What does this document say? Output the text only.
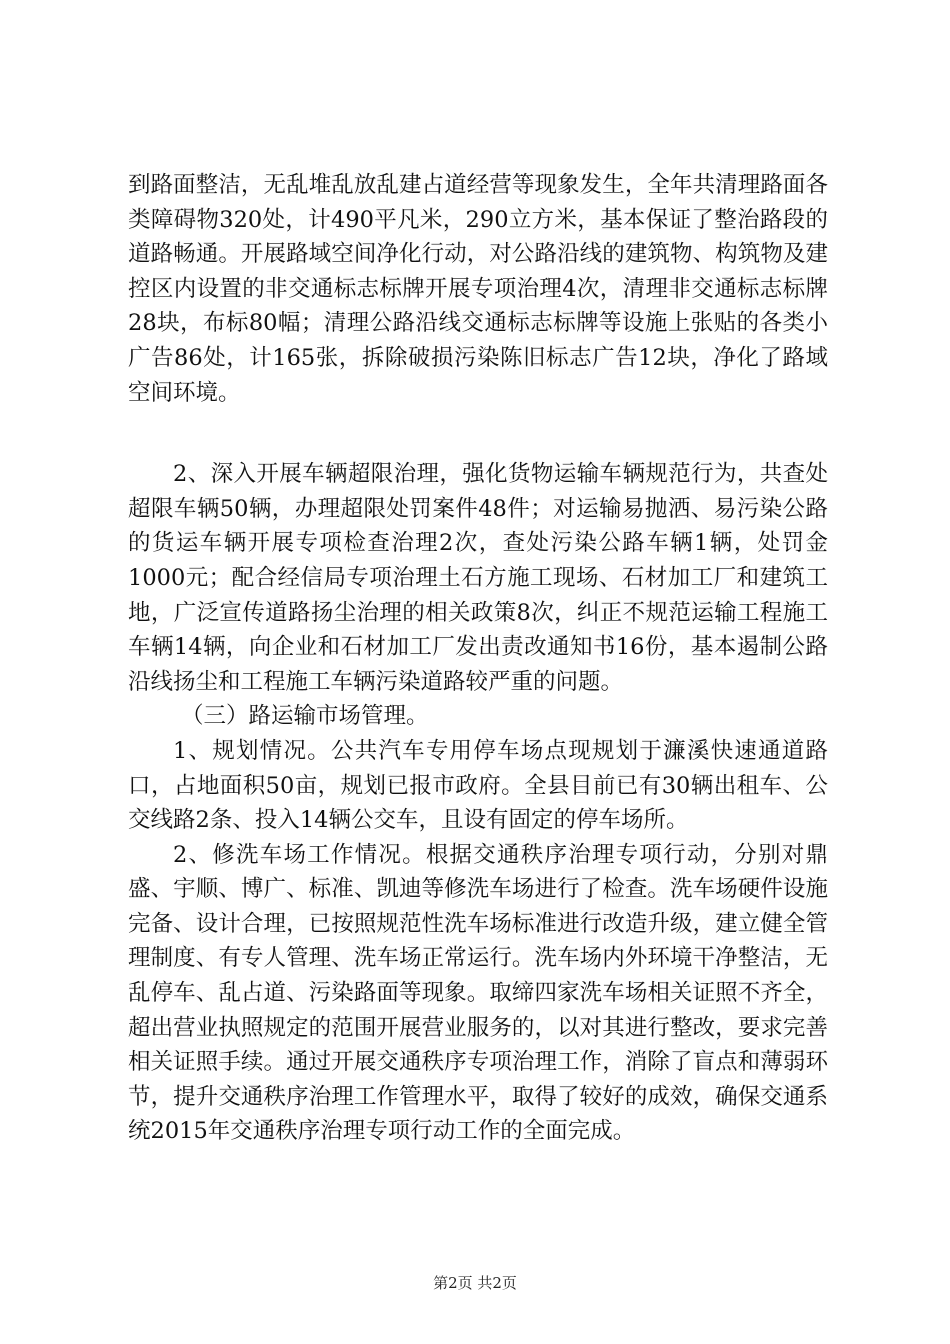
到路面整洁，无乱堆乱放乱建占道经营等现象发生，全年共清理路面各类障碍物320处，计490平凡米，290立方米，基本保证了整治路段的道路畅通。开展路域空间净化行动，对公路沿线的建筑物、构筑物及建控区内设置的非交通标志标牌开展专项治理4次，清理非交通标志标牌28块，布标80幅；清理公路沿线交通标志标牌等设施上张贴的各类小广告86处，计165张，拆除破损污染陈旧标志广告12块，净化了路域空间环境。

2、深入开展车辆超限治理，强化货物运输车辆规范行为，共查处超限车辆50辆，办理超限处罚案件48件；对运输易抛洒、易污染公路的货运车辆开展专项检查治理2次，查处污染公路车辆1辆，处罚金1000元；配合经信局专项治理土石方施工现场、石材加工厂和建筑工地，广泛宣传道路扬尘治理的相关政策8次，纠正不规范运输工程施工车辆14辆，向企业和石材加工厂发出责改通知书16份，基本遏制公路沿线扬尘和工程施工车辆污染道路较严重的问题。

（三）路运输市场管理。

1、规划情况。公共汽车专用停车场点现规划于濂溪快速通道路口，占地面积50亩，规划已报市政府。全县目前已有30辆出租车、公交线路2条、投入14辆公交车，且设有固定的停车场所。

2、修洗车场工作情况。根据交通秩序治理专项行动，分别对鼎盛、宇顺、博广、标准、凯迪等修洗车场进行了检查。洗车场硬件设施完备、设计合理，已按照规范性洗车场标准进行改造升级，建立健全管理制度、有专人管理、洗车场正常运行。洗车场内外环境干净整洁，无乱停车、乱占道、污染路面等现象。取缔四家洗车场相关证照不齐全，超出营业执照规定的范围开展营业服务的，以对其进行整改，要求完善相关证照手续。通过开展交通秩序专项治理工作，消除了盲点和薄弱环节，提升交通秩序治理工作管理水平，取得了较好的成效，确保交通系统2015年交通秩序治理专项行动工作的全面完成。

第2页 共2页
